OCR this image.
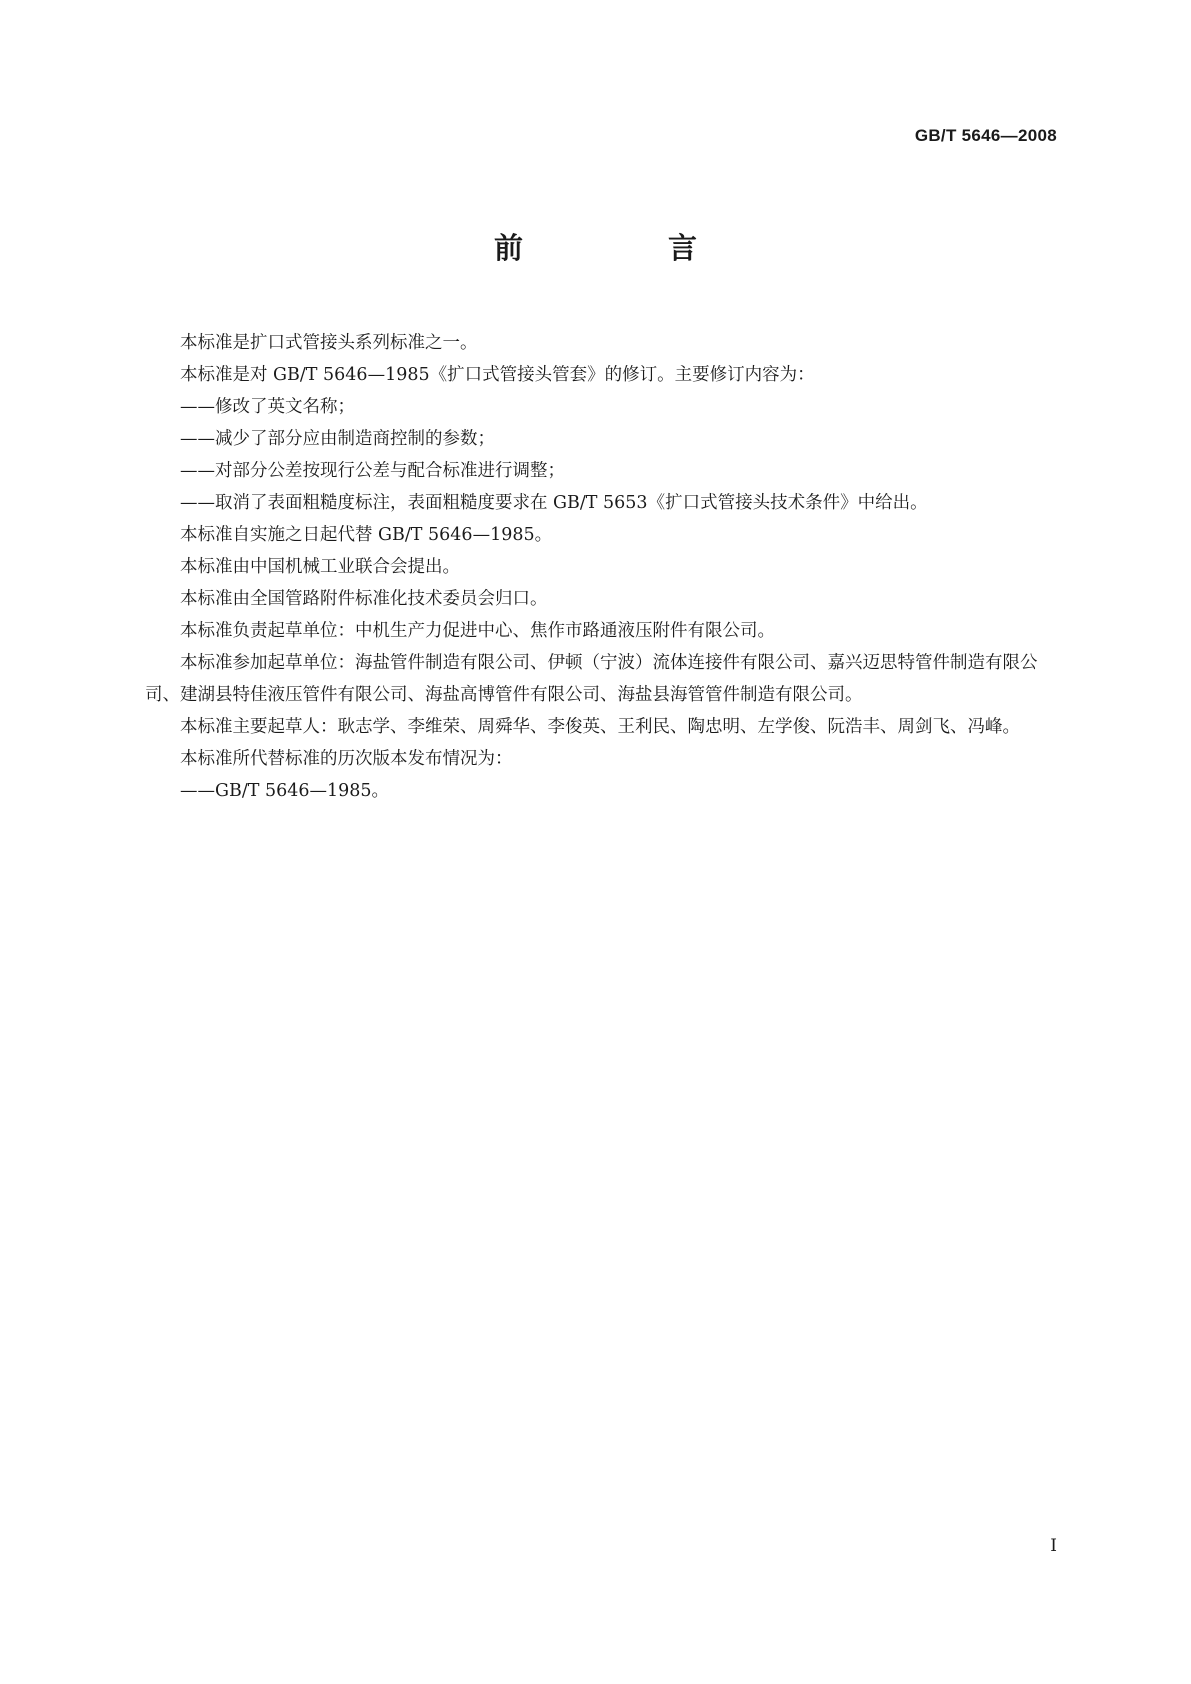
GB/T 5646—2008
前　言

本标准是扩口式管接头系列标准之一。

本标准是对 GB/T 5646—1985《扩口式管接头管套》的修订。主要修订内容为：

——修改了英文名称；

——减少了部分应由制造商控制的参数；

——对部分公差按现行公差与配合标准进行调整；

——取消了表面粗糙度标注，表面粗糙度要求在 GB/T 5653《扩口式管接头技术条件》中给出。

本标准自实施之日起代替 GB/T 5646—1985。

本标准由中国机械工业联合会提出。

本标准由全国管路附件标准化技术委员会归口。

本标准负责起草单位：中机生产力促进中心、焦作市路通液压附件有限公司。

本标准参加起草单位：海盐管件制造有限公司、伊顿（宁波）流体连接件有限公司、嘉兴迈思特管件制造有限公司、建湖县特佳液压管件有限公司、海盐高博管件有限公司、海盐县海管管件制造有限公司。

本标准主要起草人：耿志学、李维荣、周舜华、李俊英、王利民、陶忠明、左学俊、阮浩丰、周剑飞、冯峰。

本标准所代替标准的历次版本发布情况为：

——GB/T 5646—1985。

I
